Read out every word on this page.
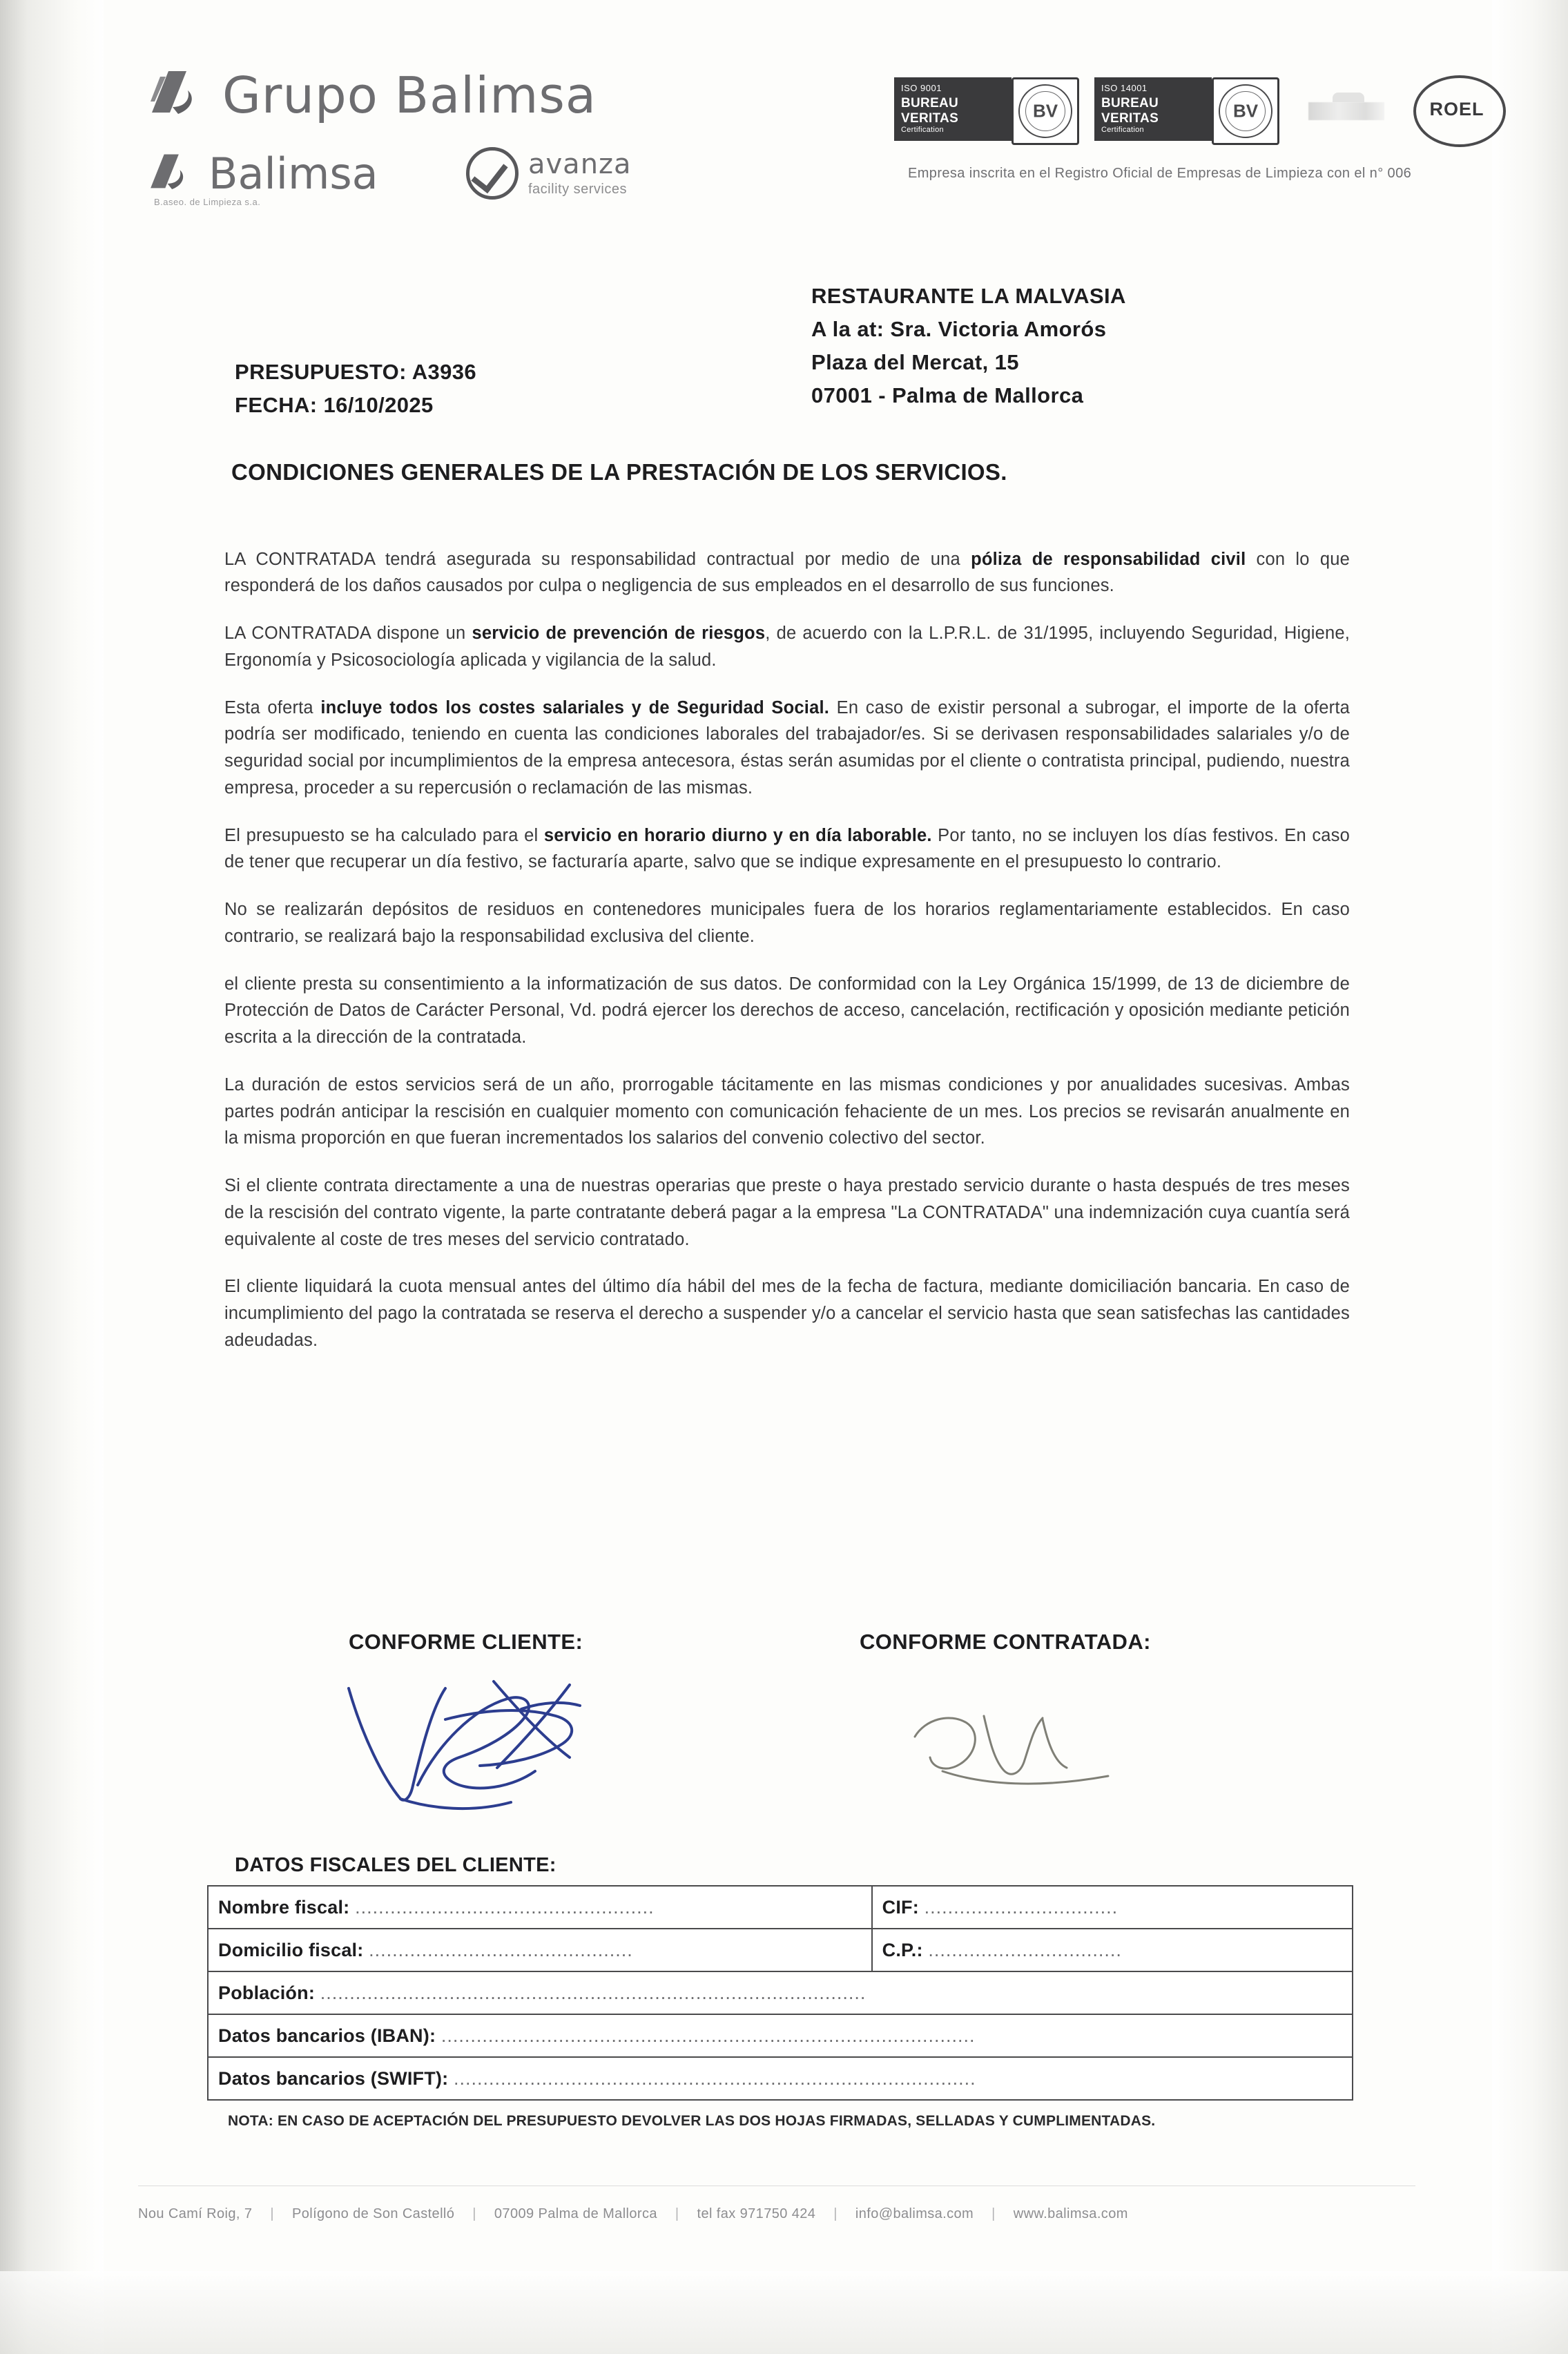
Grupo Balimsa
Balimsa
B.aseo. de Limpieza s.a.
avanza
facility services
ISO 9001
BUREAU VERITAS
Certification
BV
ISO 14001
BUREAU VERITAS
Certification
BV	ROEL
Empresa inscrita en el Registro Oficial de Empresas de Limpieza con el n° 006
RESTAURANTE LA MALVASIA
A la at: Sra. Victoria Amorós
Plaza del Mercat, 15
07001 - Palma de Mallorca
PRESUPUESTO: A3936
FECHA: 16/10/2025
CONDICIONES GENERALES DE LA PRESTACIÓN DE LOS SERVICIOS.

LA CONTRATADA tendrá asegurada su responsabilidad contractual por medio de una póliza de responsabilidad civil con lo que responderá de los daños causados por culpa o negligencia de sus empleados en el desarrollo de sus funciones.

LA CONTRATADA dispone un servicio de prevención de riesgos, de acuerdo con la L.P.R.L. de 31/1995, incluyendo Seguridad, Higiene, Ergonomía y Psicosociología aplicada y vigilancia de la salud.

Esta oferta incluye todos los costes salariales y de Seguridad Social. En caso de existir personal a subrogar, el importe de la oferta podría ser modificado, teniendo en cuenta las condiciones laborales del trabajador/es. Si se derivasen responsabilidades salariales y/o de seguridad social por incumplimientos de la empresa antecesora, éstas serán asumidas por el cliente o contratista principal, pudiendo, nuestra empresa, proceder a su repercusión o reclamación de las mismas.

El presupuesto se ha calculado para el servicio en horario diurno y en día laborable. Por tanto, no se incluyen los días festivos. En caso de tener que recuperar un día festivo, se facturaría aparte, salvo que se indique expresamente en el presupuesto lo contrario.

No se realizarán depósitos de residuos en contenedores municipales fuera de los horarios reglamentariamente establecidos. En caso contrario, se realizará bajo la responsabilidad exclusiva del cliente.

el cliente presta su consentimiento a la informatización de sus datos. De conformidad con la Ley Orgánica 15/1999, de 13 de diciembre de Protección de Datos de Carácter Personal, Vd. podrá ejercer los derechos de acceso, cancelación, rectificación y oposición mediante petición escrita a la dirección de la contratada.

La duración de estos servicios será de un año, prorrogable tácitamente en las mismas condiciones y por anualidades sucesivas. Ambas partes podrán anticipar la rescisión en cualquier momento con comunicación fehaciente de un mes. Los precios se revisarán anualmente en la misma proporción en que fueran incrementados los salarios del convenio colectivo del sector.

Si el cliente contrata directamente a una de nuestras operarias que preste o haya prestado servicio durante o hasta después de tres meses de la rescisión del contrato vigente, la parte contratante deberá pagar a la empresa "La CONTRATADA" una indemnización cuya cuantía será equivalente al coste de tres meses del servicio contratado.

El cliente liquidará la cuota mensual antes del último día hábil del mes de la fecha de factura, mediante domiciliación bancaria. En caso de incumplimiento del pago la contratada se reserva el derecho a suspender y/o a cancelar el servicio hasta que sean satisfechas las cantidades adeudadas.

CONFORME CLIENTE:	CONFORME CONTRATADA:
DATOS FISCALES DEL CLIENTE:
Nombre fiscal: ...................................................	CIF: .................................
Domicilio fiscal: .............................................	C.P.: .................................
Población: .............................................................................................	
Datos bancarios (IBAN): ...........................................................................................	
Datos bancarios (SWIFT): .........................................................................................	
NOTA: EN CASO DE ACEPTACIÓN DEL PRESUPUESTO DEVOLVER LAS DOS HOJAS FIRMADAS, SELLADAS Y CUMPLIMENTADAS.
Nou Camí Roig, 7 | Polígono de Son Castelló | 07009 Palma de Mallorca | tel fax 971750 424 | info@balimsa.com | www.balimsa.com
